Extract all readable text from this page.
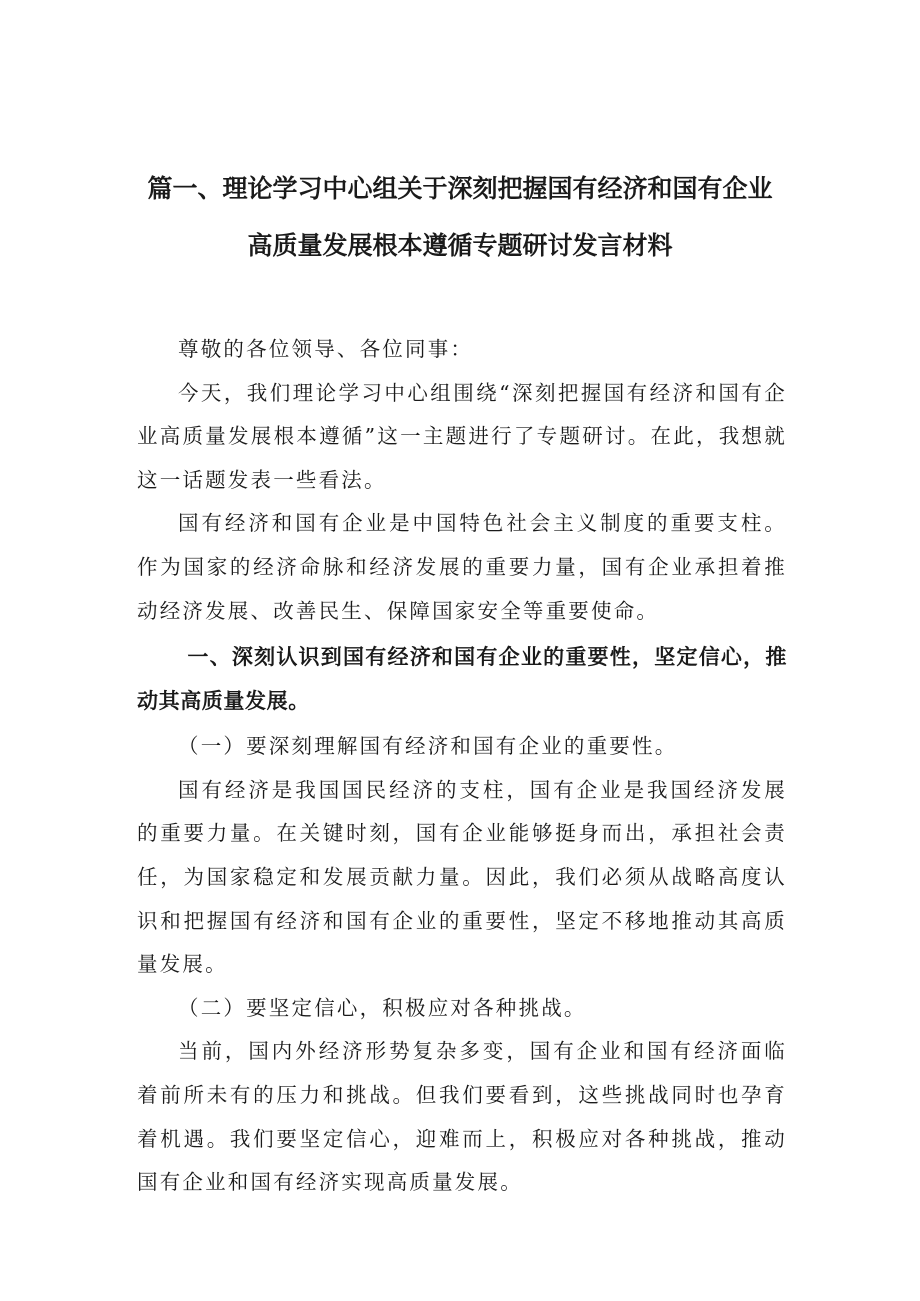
篇一、理论学习中心组关于深刻把握国有经济和国有企业
高质量发展根本遵循专题研讨发言材料

尊敬的各位领导、各位同事：

今天，我们理论学习中心组围绕“深刻把握国有经济和国有企业高质量发展根本遵循”这一主题进行了专题研讨。在此，我想就这一话题发表一些看法。

国有经济和国有企业是中国特色社会主义制度的重要支柱。作为国家的经济命脉和经济发展的重要力量，国有企业承担着推动经济发展、改善民生、保障国家安全等重要使命。

一、深刻认识到国有经济和国有企业的重要性，坚定信心，推动其高质量发展。

（一）要深刻理解国有经济和国有企业的重要性。

国有经济是我国国民经济的支柱，国有企业是我国经济发展的重要力量。在关键时刻，国有企业能够挺身而出，承担社会责任，为国家稳定和发展贡献力量。因此，我们必须从战略高度认识和把握国有经济和国有企业的重要性，坚定不移地推动其高质量发展。

（二）要坚定信心，积极应对各种挑战。

当前，国内外经济形势复杂多变，国有企业和国有经济面临着前所未有的压力和挑战。但我们要看到，这些挑战同时也孕育着机遇。我们要坚定信心，迎难而上，积极应对各种挑战，推动国有企业和国有经济实现高质量发展。
